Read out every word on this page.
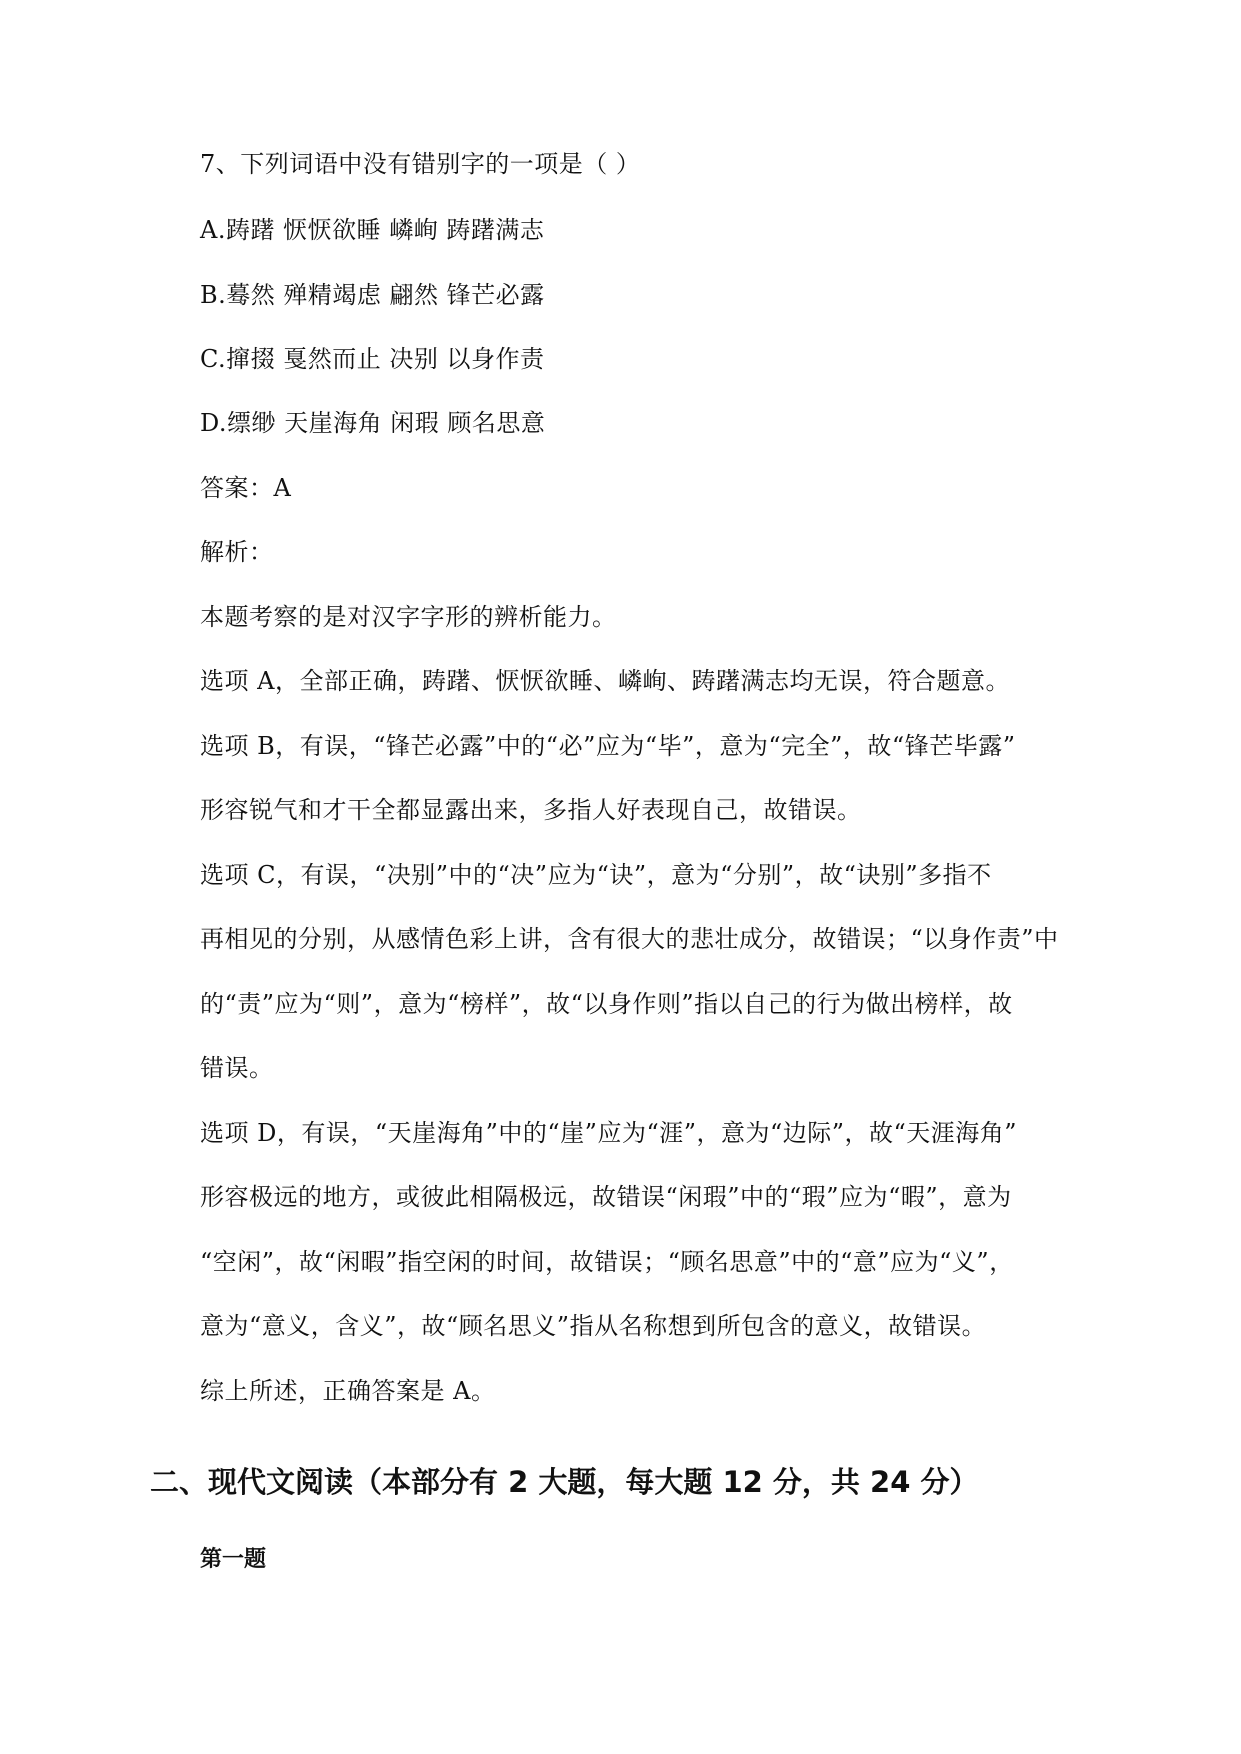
7、下列词语中没有错别字的一项是（ ）
A.踌躇 恹恹欲睡 嶙峋 踌躇满志
B.蓦然 殚精竭虑 翩然 锋芒必露
C.撺掇 戛然而止 决别 以身作责
D.缥缈 天崖海角 闲瑕 顾名思意
答案：A
解析：
本题考察的是对汉字字形的辨析能力。
选项 A，全部正确，踌躇、恹恹欲睡、嶙峋、踌躇满志均无误，符合题意。
选项 B，有误，“锋芒必露”中的“必”应为“毕”，意为“完全”，故“锋芒毕露”
形容锐气和才干全都显露出来，多指人好表现自己，故错误。
选项 C，有误，“决别”中的“决”应为“诀”，意为“分别”，故“诀别”多指不
再相见的分别，从感情色彩上讲，含有很大的悲壮成分，故错误；“以身作责”中
的“责”应为“则”，意为“榜样”，故“以身作则”指以自己的行为做出榜样，故
错误。
选项 D，有误，“天崖海角”中的“崖”应为“涯”，意为“边际”，故“天涯海角”
形容极远的地方，或彼此相隔极远，故错误“闲瑕”中的“瑕”应为“暇”，意为
“空闲”，故“闲暇”指空闲的时间，故错误；“顾名思意”中的“意”应为“义”，
意为“意义，含义”，故“顾名思义”指从名称想到所包含的意义，故错误。
综上所述，正确答案是 A。
二、现代文阅读（本部分有 2 大题，每大题 12 分，共 24 分）
第一题
